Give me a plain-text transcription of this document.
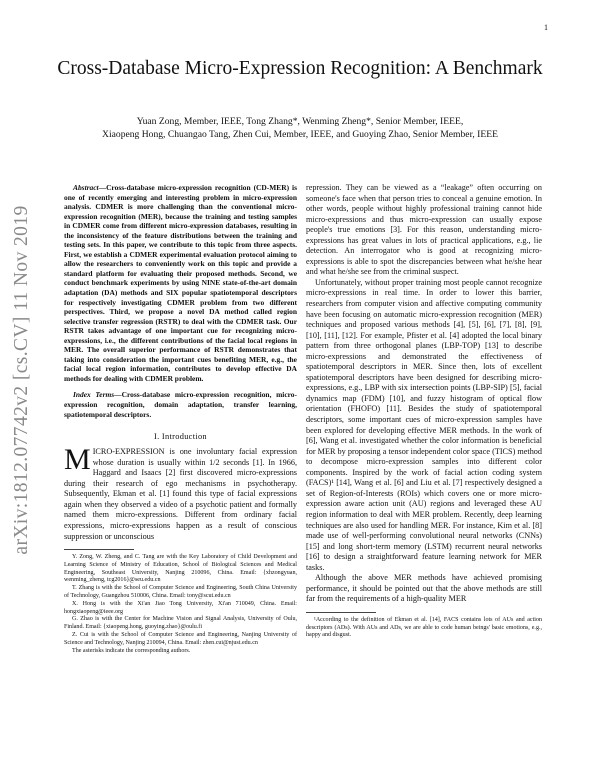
1
arXiv:1812.07742v2 [cs.CV] 11 Nov 2019
Cross-Database Micro-Expression Recognition: A Benchmark
Yuan Zong, Member, IEEE, Tong Zhang*, Wenming Zheng*, Senior Member, IEEE,
Xiaopeng Hong, Chuangao Tang, Zhen Cui, Member, IEEE, and Guoying Zhao, Senior Member, IEEE

Abstract—Cross-database micro-expression recognition (CD-MER) is one of recently emerging and interesting problem in micro-expression analysis. CDMER is more challenging than the conventional micro-expression recognition (MER), because the training and testing samples in CDMER come from different micro-expression databases, resulting in the inconsistency of the feature distributions between the training and testing sets. In this paper, we contribute to this topic from three aspects. First, we establish a CDMER experimental evaluation protocol aiming to allow the researchers to conveniently work on this topic and provide a standard platform for evaluating their proposed methods. Second, we conduct benchmark experiments by using NINE state-of-the-art domain adaptation (DA) methods and SIX popular spatiotemporal descriptors for respectively investigating CDMER problem from two different perspectives. Third, we propose a novel DA method called region selective transfer regression (RSTR) to deal with the CDMER task. Our RSTR takes advantage of one important cue for recognizing micro-expressions, i.e., the different contributions of the facial local regions in MER. The overall superior performance of RSTR demonstrates that taking into consideration the important cues benefiting MER, e.g., the facial local region information, contributes to develop effective DA methods for dealing with CDMER problem.

Index Terms—Cross-database micro-expression recognition, micro-expression recognition, domain adaptation, transfer learning, spatiotemporal descriptors.

I. Introduction

MICRO-EXPRESSION is one involuntary facial expression whose duration is usually within 1/2 seconds [1]. In 1966, Haggard and Isaacs [2] first discovered micro-expressions during their research of ego mechanisms in psychotherapy. Subsequently, Ekman et al. [1] found this type of facial expressions again when they observed a video of a psychotic patient and formally named them micro-expressions. Different from ordinary facial expressions, micro-expressions happen as a result of conscious suppression or unconscious

Y. Zong, W. Zheng, and C. Tang are with the Key Laboratory of Child Development and Learning Science of Ministry of Education, School of Biological Sciences and Medical Engineering, Southeast University, Nanjing 210096, China. Email: {xhzongyuan, wenming_zheng, tcg2016}@seu.edu.cn

T. Zhang is with the School of Computer Science and Engineering, South China University of Technology, Guangzhou 510006, China. Email: tony@scut.edu.cn

X. Hong is with the Xi'an Jiao Tong University, Xi'an 710049, China. Email: hongxiaopeng@ieee.org

G. Zhao is with the Center for Machine Vision and Signal Analysis, University of Oulu, Finland. Email: {xiaopeng.hong, guoying.zhao}@oulu.fi

Z. Cui is with the School of Computer Science and Engineering, Nanjing University of Science and Technology, Nanjing 210094, China. Email: zhen.cui@njust.edu.cn

The asterisks indicate the corresponding authors.

repression. They can be viewed as a “leakage” often occurring on someone's face when that person tries to conceal a genuine emotion. In other words, people without highly professional training cannot hide micro-expressions and thus micro-expression can usually expose people's true emotions [3]. For this reason, understanding micro-expressions has great values in lots of practical applications, e.g., lie detection. An interrogator who is good at recognizing micro-expressions is able to spot the discrepancies between what he/she hear and what he/she see from the criminal suspect.

Unfortunately, without proper training most people cannot recognize micro-expressions in real time. In order to lower this barrier, researchers from computer vision and affective computing community have been focusing on automatic micro-expression recognition (MER) techniques and proposed various methods [4], [5], [6], [7], [8], [9], [10], [11], [12]. For example, Pfister et al. [4] adopted the local binary pattern from three orthogonal planes (LBP-TOP) [13] to describe micro-expressions and demonstrated the effectiveness of spatiotemporal descriptors in MER. Since then, lots of excellent spatiotemporal descriptors have been designed for describing micro-expressions, e.g., LBP with six intersection points (LBP-SIP) [5], facial dynamics map (FDM) [10], and fuzzy histogram of optical flow orientation (FHOFO) [11]. Besides the study of spatiotemporal descriptors, some important cues of micro-expression samples have been explored for developing effective MER methods. In the work of [6], Wang et al. investigated whether the color information is beneficial for MER by proposing a tensor independent color space (TICS) method to decompose micro-expression samples into different color components. Inspired by the work of facial action coding system (FACS)¹ [14], Wang et al. [6] and Liu et al. [7] respectively designed a set of Region-of-Interests (ROIs) which covers one or more micro-expression aware action unit (AU) regions and leveraged these AU region information to deal with MER problem. Recently, deep learning techniques are also used for handling MER. For instance, Kim et al. [8] made use of well-performing convolutional neural networks (CNNs) [15] and long short-term memory (LSTM) recurrent neural networks [16] to design a straightforward feature learning network for MER tasks.

Although the above MER methods have achieved promising performance, it should be pointed out that the above methods are still far from the requirements of a high-quality MER

¹According to the definition of Ekman et al. [14], FACS contains lots of AUs and action descriptors (ADs). With AUs and ADs, we are able to code human beings' basic emotions, e.g., happy and disgust.
